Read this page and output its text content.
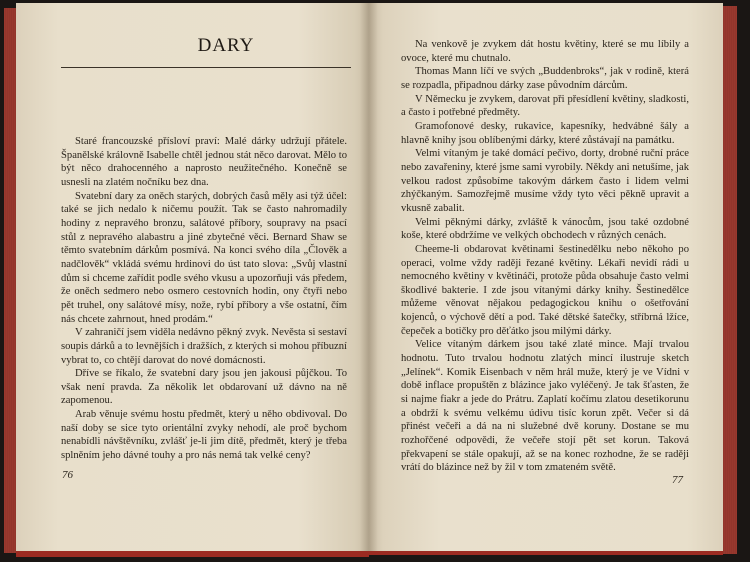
DARY

Staré francouzské přísloví praví: Malé dárky udržují přátele. Španělské královně Isabelle chtěl jednou stát něco darovat. Mělo to být něco drahocenného a naprosto neužitečného. Konečně se usnesli na zlatém nočníku bez dna.

Svatební dary za oněch starých, dobrých časů měly asi týž účel: také se jich nedalo k ničemu použít. Tak se často nahromadily hodiny z nepravého bronzu, salátové příbory, soupravy na psací stůl z nepravého alabastru a jiné zbytečné věci. Bernard Shaw se těmto svatebním dárkům posmívá. Na konci svého díla „Člověk a nadčlověk“ vkládá svému hrdinovi do úst tato slova: „Svůj vlastní dům si chceme zařídit podle svého vkusu a upozorňuji vás předem, že oněch sedmero nebo osmero cestovních hodin, ony čtyři nebo pět truhel, ony salátové mísy, nože, rybí příbory a vše ostatní, čím nás chcete zahrnout, hned prodám.“

V zahraničí jsem viděla nedávno pěkný zvyk. Nevěsta si sestaví soupis dárků a to levnějších i dražších, z kterých si mohou příbuzní vybrat to, co chtějí darovat do nové domácnosti.

Dříve se říkalo, že svatební dary jsou jen jakousi půjčkou. To však není pravda. Za několik let obdarovaní už dávno na ně zapomenou.

Arab věnuje svému hostu předmět, který u něho obdivoval. Do naší doby se sice tyto orientální zvyky nehodí, ale proč bychom nenabídli návštěvníku, zvlášť je-li jim dítě, předmět, který je třeba splněním jeho dávné touhy a pro nás nemá tak velké ceny?

76

Na venkově je zvykem dát hostu květiny, které se mu líbily a ovoce, které mu chutnalo.

Thomas Mann líčí ve svých „Buddenbroks“, jak v rodině, která se rozpadla, připadnou dárky zase původním dárcům.

V Německu je zvykem, darovat při přesídlení květiny, sladkosti, a často i potřebné předměty.

Gramofonové desky, rukavice, kapesníky, hedvábné šály a hlavně knihy jsou oblíbenými dárky, které zůstávají na památku.

Velmi vítaným je také domácí pečivo, dorty, drobné ruční práce nebo zavařeniny, které jsme sami vyrobily. Někdy ani netušíme, jak velkou radost způsobíme takovým dárkem často i lidem velmi zhýčkaným. Samozřejmě musíme vždy tyto věci pěkně upravit a vkusně zabalit.

Velmi pěknými dárky, zvláště k vánocům, jsou také ozdobné koše, které obdržíme ve velkých obchodech v různých cenách.

Cheeme-li obdarovat květinami šestinedělku nebo někoho po operaci, volme vždy raději řezané květiny. Lékaři nevidí rádi u nemocného květiny v květináči, protože půda obsahuje často velmi škodlivé bakterie. I zde jsou vítanými dárky knihy. Šestinedělce můžeme věnovat nějakou pedagogickou knihu o ošetřování kojenců, o výchově dětí a pod. Také dětské šatečky, stříbrná lžíce, čepeček a botičky pro děťátko jsou milými dárky.

Velice vítaným dárkem jsou také zlaté mince. Mají trvalou hodnotu. Tuto trvalou hodnotu zlatých mincí ilustruje sketch „Jelínek“. Komik Eisenbach v něm hrál muže, který je ve Vídni v době inflace propuštěn z blázince jako vyléčený. Je tak šťasten, že si najme fiakr a jede do Prátru. Zaplatí kočímu zlatou desetikorunu a obdrží k svému velkému údivu tisíc korun zpět. Večer si dá přinést večeři a dá na ni služebné dvě koruny. Dostane se mu rozhořčené odpovědi, že večeře stojí pět set korun. Taková překvapení se stále opakují, až se na konec rozhodne, že se raději vrátí do blázince než by žil v tom zmateném světě.

77
